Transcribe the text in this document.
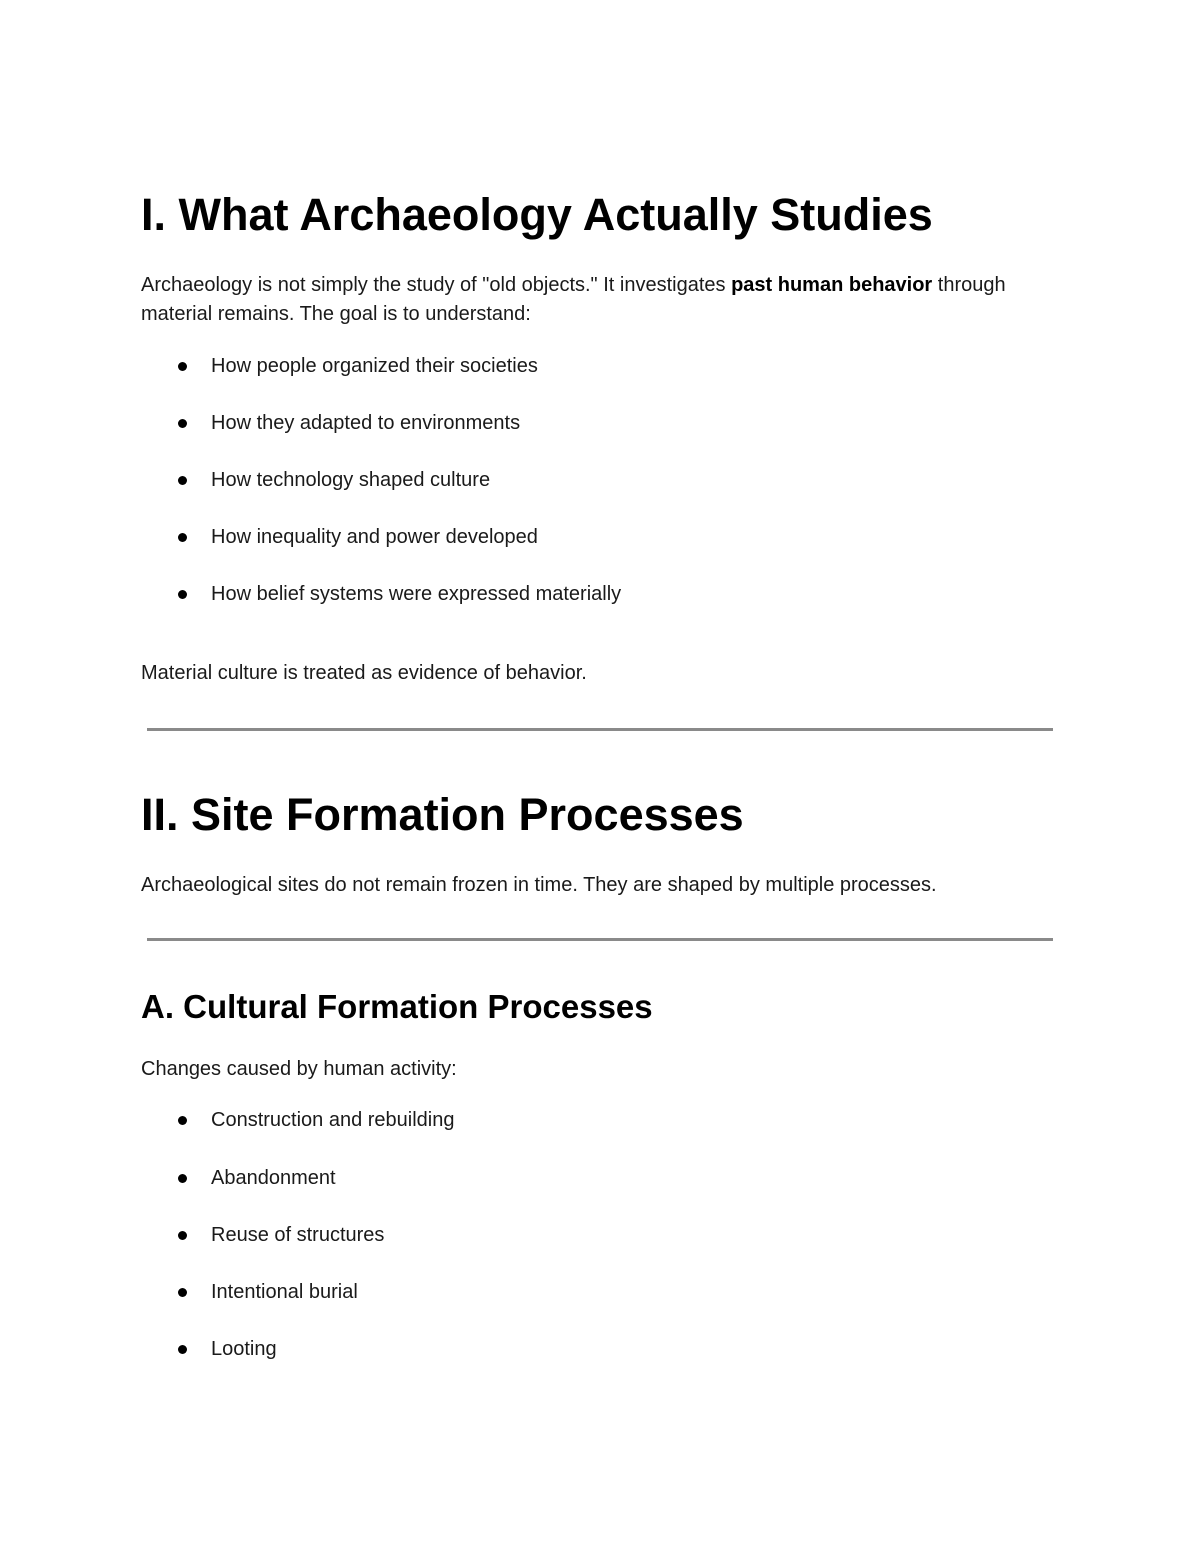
I. What Archaeology Actually Studies

Archaeology is not simply the study of "old objects." It investigates past human behavior through material remains. The goal is to understand:

How people organized their societies
How they adapted to environments
How technology shaped culture
How inequality and power developed
How belief systems were expressed materially

Material culture is treated as evidence of behavior.

II. Site Formation Processes

Archaeological sites do not remain frozen in time. They are shaped by multiple processes.

A. Cultural Formation Processes

Changes caused by human activity:

Construction and rebuilding
Abandonment
Reuse of structures
Intentional burial
Looting
